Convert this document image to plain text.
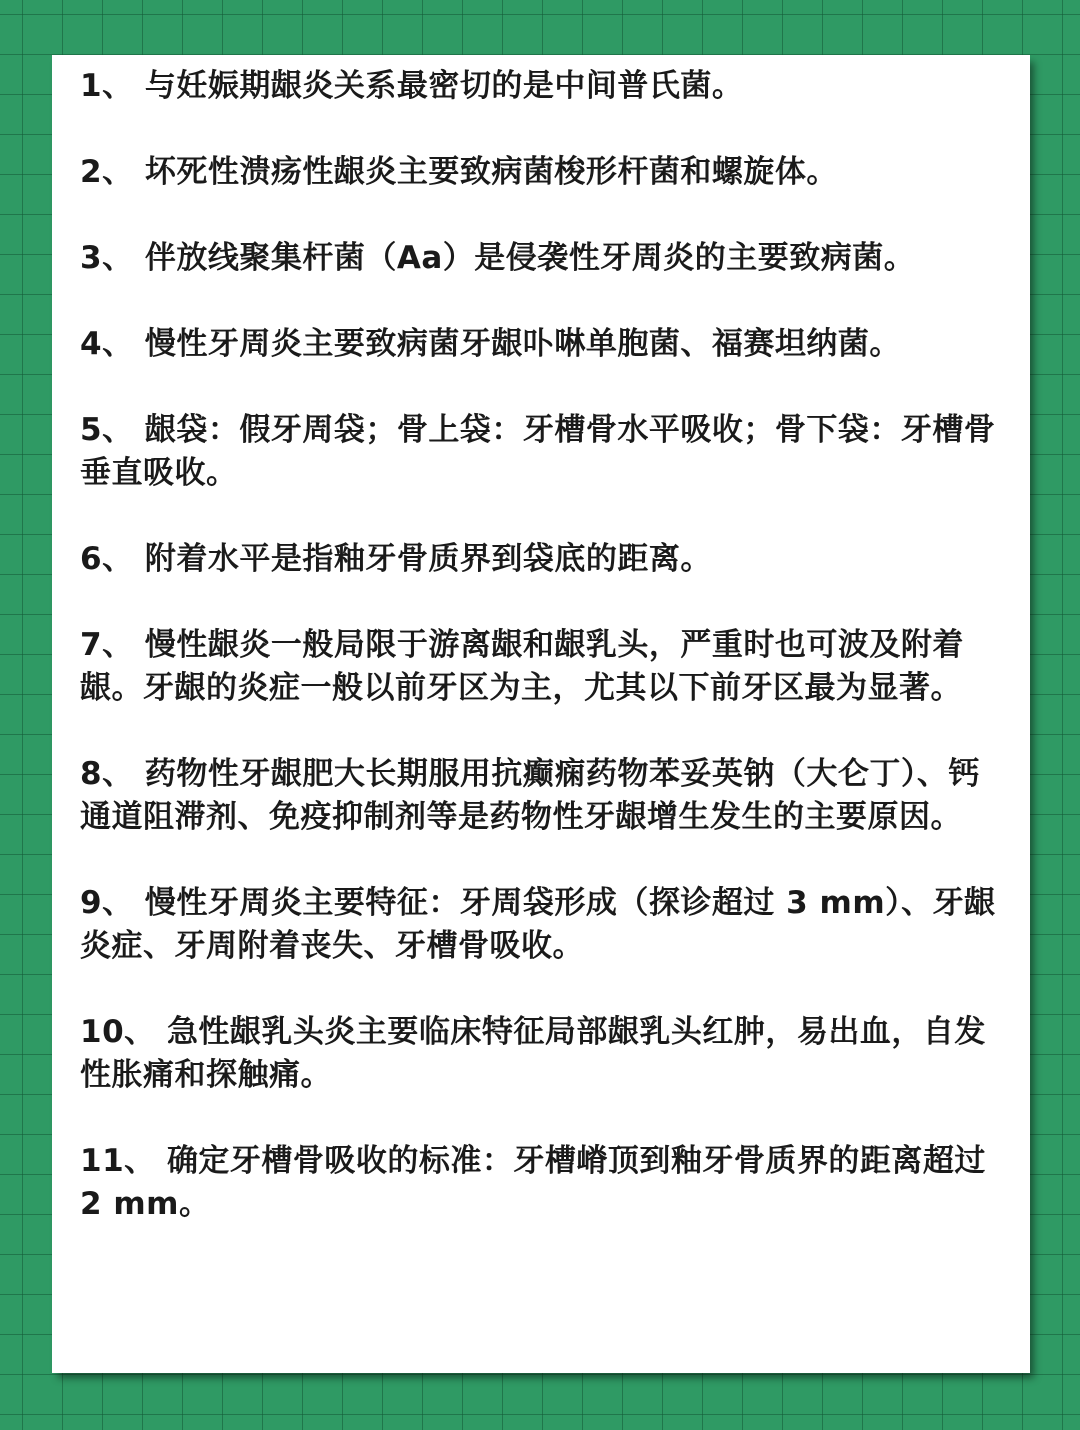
1、 与妊娠期龈炎关系最密切的是中间普氏菌。
2、 坏死性溃疡性龈炎主要致病菌梭形杆菌和螺旋体。
3、 伴放线聚集杆菌（Aa）是侵袭性牙周炎的主要致病菌。
4、 慢性牙周炎主要致病菌牙龈卟啉单胞菌、福赛坦纳菌。
5、 龈袋：假牙周袋；骨上袋：牙槽骨水平吸收；骨下袋：牙槽骨垂直吸收。
6、 附着水平是指釉牙骨质界到袋底的距离。
7、 慢性龈炎一般局限于游离龈和龈乳头，严重时也可波及附着龈。牙龈的炎症一般以前牙区为主，尤其以下前牙区最为显著。
8、 药物性牙龈肥大长期服用抗癫痫药物苯妥英钠（大仑丁）、钙通道阻滞剂、免疫抑制剂等是药物性牙龈增生发生的主要原因。
9、 慢性牙周炎主要特征：牙周袋形成（探诊超过 3 mm）、牙龈炎症、牙周附着丧失、牙槽骨吸收。
10、 急性龈乳头炎主要临床特征局部龈乳头红肿，易出血，自发性胀痛和探触痛。
11、 确定牙槽骨吸收的标准：牙槽嵴顶到釉牙骨质界的距离超过 2 mm。
